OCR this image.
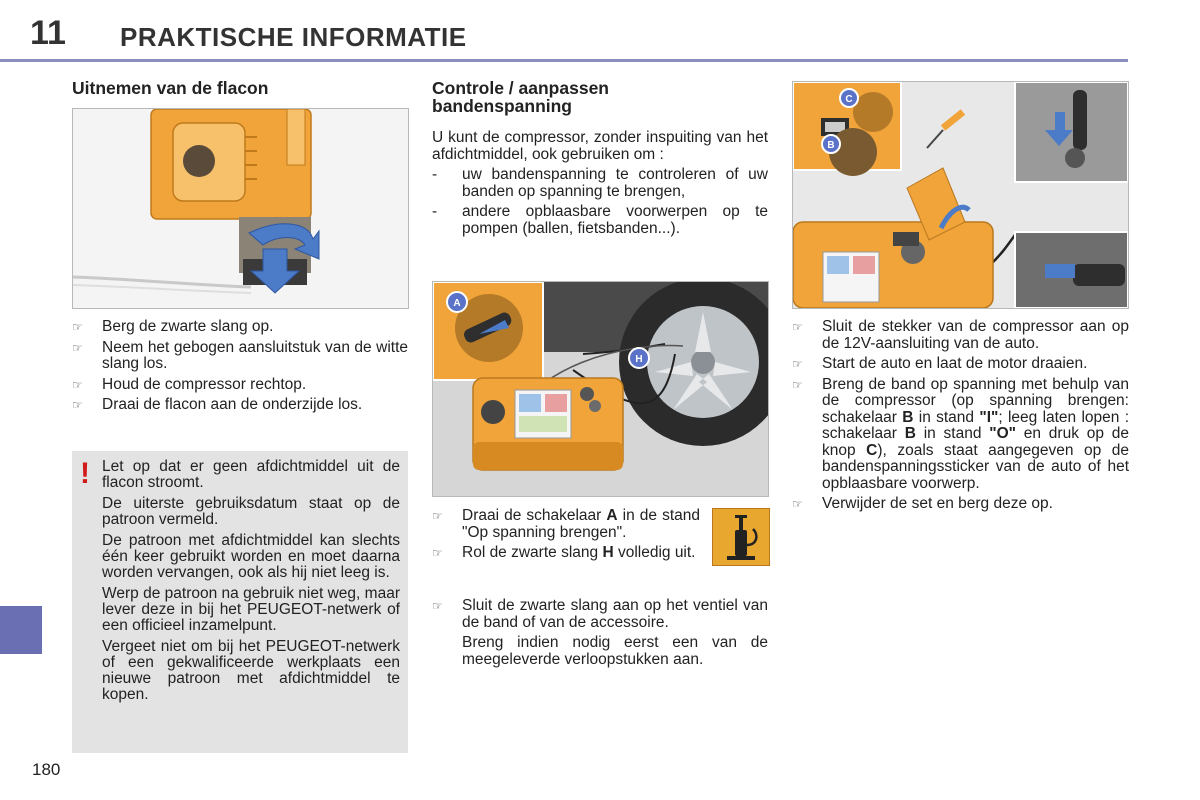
11 PRAKTISCHE INFORMATIE
180
Uitnemen van de flacon
☞ Berg de zwarte slang op.
☞ Neem het gebogen aansluitstuk van de witte slang los.
☞ Houd de compressor rechtop.
☞ Draai de flacon aan de onderzijde los.
! Let op dat er geen afdichtmiddel uit de flacon stroomt.

De uiterste gebruiksdatum staat op de patroon vermeld.

De patroon met afdichtmiddel kan slechts één keer gebruikt worden en moet daarna worden vervangen, ook als hij niet leeg is.

Werp de patroon na gebruik niet weg, maar lever deze in bij het PEUGEOT-netwerk of een officieel inzamelpunt.

Vergeet niet om bij het PEUGEOT-netwerk of een gekwalificeerde werkplaats een nieuwe patroon met afdichtmiddel te kopen.

Controle / aanpassen
bandenspanning

U kunt de compressor, zonder inspuiting van het afdichtmiddel, ook gebruiken om :

- uw bandenspanning te controleren of uw banden op spanning te brengen,
- andere opblaasbare voorwerpen op te pompen (ballen, fietsbanden...).
A
H
☞ Draai de schakelaar A in de stand "Op spanning brengen".
☞ Rol de zwarte slang H volledig uit.
☞ Sluit de zwarte slang aan op het ventiel van de band of van de accessoire.

Breng indien nodig eerst een van de meegeleverde verloopstukken aan.

C
B
☞ Sluit de stekker van de compressor aan op de 12V-aansluiting van de auto.
☞ Start de auto en laat de motor draaien.
☞ Breng de band op spanning met behulp van de compressor (op spanning brengen: schakelaar B in stand "I"; leeg laten lopen : schakelaar B in stand "O" en druk op de knop C), zoals staat aangegeven op de bandenspanningssticker van de auto of het opblaasbare voorwerp.
☞ Verwijder de set en berg deze op.
